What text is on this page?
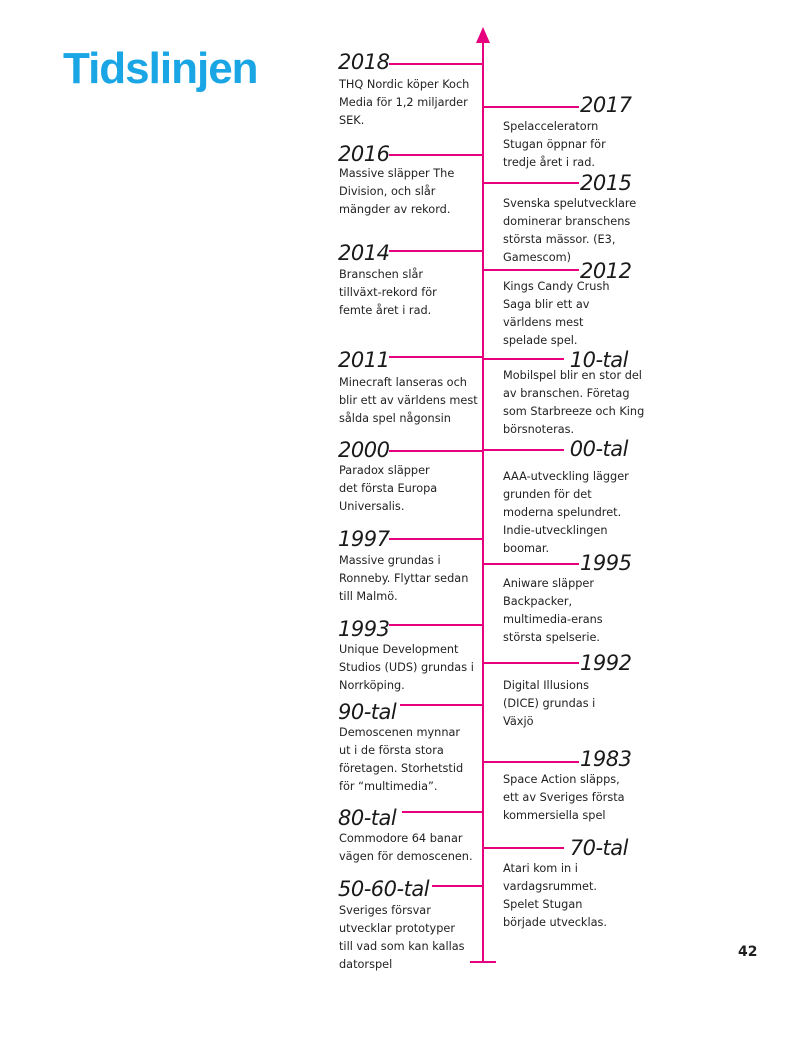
Tidslinjen	2018
THQ Nordic köper Koch Media för 1,2 miljarder SEK.
2016
Massive släpper The Division, och slår mängder av rekord.
2014
Branschen slår tillväxt-rekord för femte året i rad.
2011
Minecraft lanseras och blir ett av världens mest sålda spel någonsin
2000
Paradox släpper det första Europa Universalis.
1997
Massive grundas i Ronneby. Flyttar sedan till Malmö.
1993
Unique Development Studios (UDS) grundas i Norrköping.
90-tal
Demoscenen mynnar ut i de första stora företagen. Storhetstid för “multimedia”.
80-tal
Commodore 64 banar vägen för demoscenen.
50-60-tal
Sveriges försvar utvecklar prototyper till vad som kan kallas datorspel
2017
Spelacceleratorn Stugan öppnar för tredje året i rad.
2015
Svenska spelutvecklare dominerar branschens största mässor. (E3, Gamescom)
2012
Kings Candy Crush Saga blir ett av världens mest spelade spel.
10-tal
Mobilspel blir en stor del av branschen. Företag som Starbreeze och King börsnoteras.
00-tal
AAA-utveckling lägger grunden för det moderna spelundret. Indie-utvecklingen boomar.
1995
Aniware släpper Backpacker, multimedia-erans största spelserie.
1992
Digital Illusions (DICE) grundas i Växjö
1983
Space Action släpps, ett av Sveriges första kommersiella spel
70-tal
Atari kom in i vardagsrummet. Spelet Stugan började utvecklas.
42
